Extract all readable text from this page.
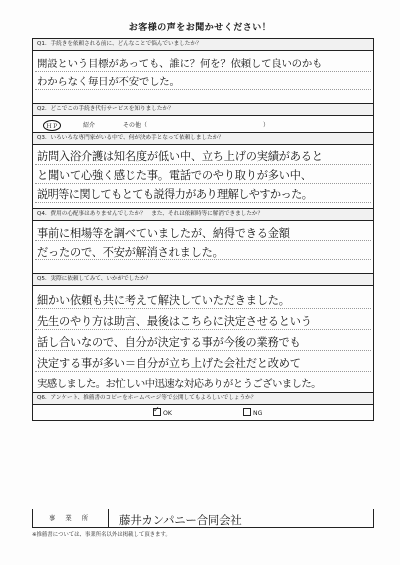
お客様の声をお聞かせください！
Q1．手続きを依頼される前に、どんなことで悩んでいましたか？
開設という目標があっても、誰に？何を？依頼して良いのかも
わからなく毎日が不安でした。
Q2．どこでこの手続き代行サービスを知りましたか？
ＨＰ	紹介	その他（	）
Q3．いろいろな専門家がいる中で、何が決め手となって依頼しましたか？
訪問入浴介護は知名度が低い中、立ち上げの実績があると
と聞いて心強く感じた事。電話でのやり取りが多い中、
説明等に関してもとても説得力があり理解しやすかった。
Q4．費用の心配事はありませんでしたか？　また、それは依頼時等に解消できましたか？
事前に相場等を調べていましたが、納得できる金額
だったので、不安が解消されました。
Q5．実際に依頼してみて、いかがでしたか？
細かい依頼も共に考えて解決していただきました。
先生のやり方は助言、最後はこちらに決定させるという
話し合いなので、自分が決定する事が今後の業務でも
決定する事が多い＝自分が立ち上げた会社だと改めて
実感しました。お忙しい中迅速な対応ありがとうございました。
Q6．アンケート、推薦書のコピーをホームページ等で公開してもよろしいでしょうか？
✓ OK	NG
事 業 所	藤井カンパニー合同会社
※推薦書については、事業所名以外は掲載して頂きます。
